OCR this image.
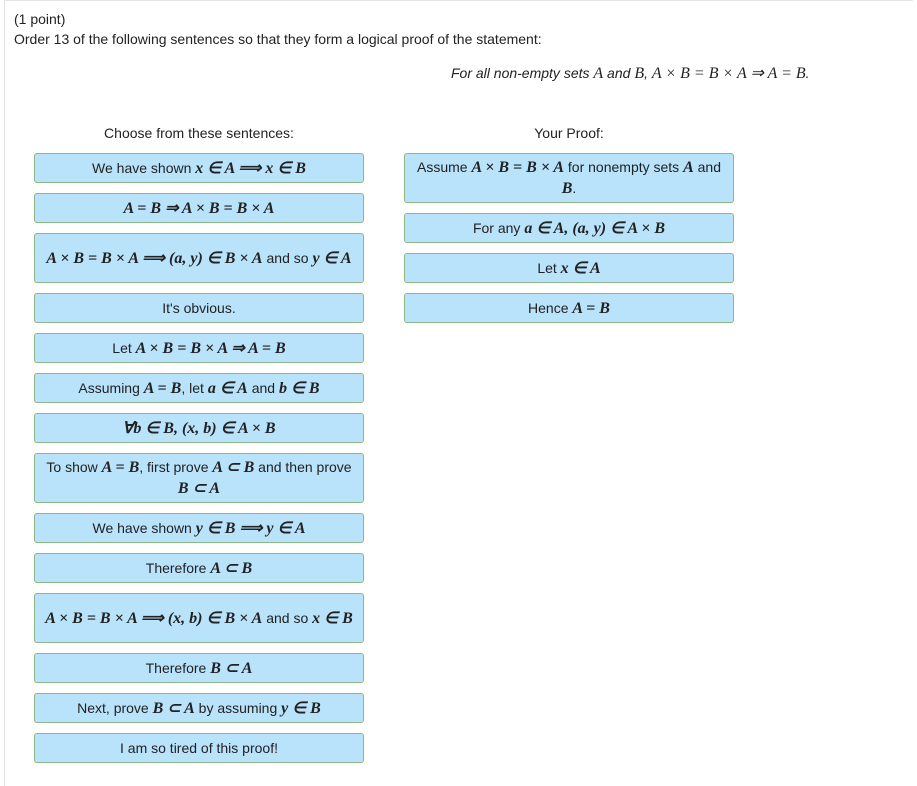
(1 point)
Order 13 of the following sentences so that they form a logical proof of the statement:
For all non-empty sets A and B, A × B = B × A ⇒ A = B.
Choose from these sentences:	Your Proof:
We have shown x ∈ A ⟹ x ∈ B
A = B ⇒ A × B = B × A
A × B = B × A ⟹ (a, y) ∈ B × A and so y ∈ A
It's obvious.
Let A × B = B × A ⇒ A = B
Assuming A = B, let a ∈ A and b ∈ B
∀b ∈ B, (x, b) ∈ A × B
To show A = B, first prove A ⊂ B and then prove B ⊂ A
We have shown y ∈ B ⟹ y ∈ A
Therefore A ⊂ B
A × B = B × A ⟹ (x, b) ∈ B × A and so x ∈ B
Therefore B ⊂ A
Next, prove B ⊂ A by assuming y ∈ B
I am so tired of this proof!
Assume A × B = B × A for nonempty sets A and B.
For any a ∈ A, (a, y) ∈ A × B
Let x ∈ A
Hence A = B
